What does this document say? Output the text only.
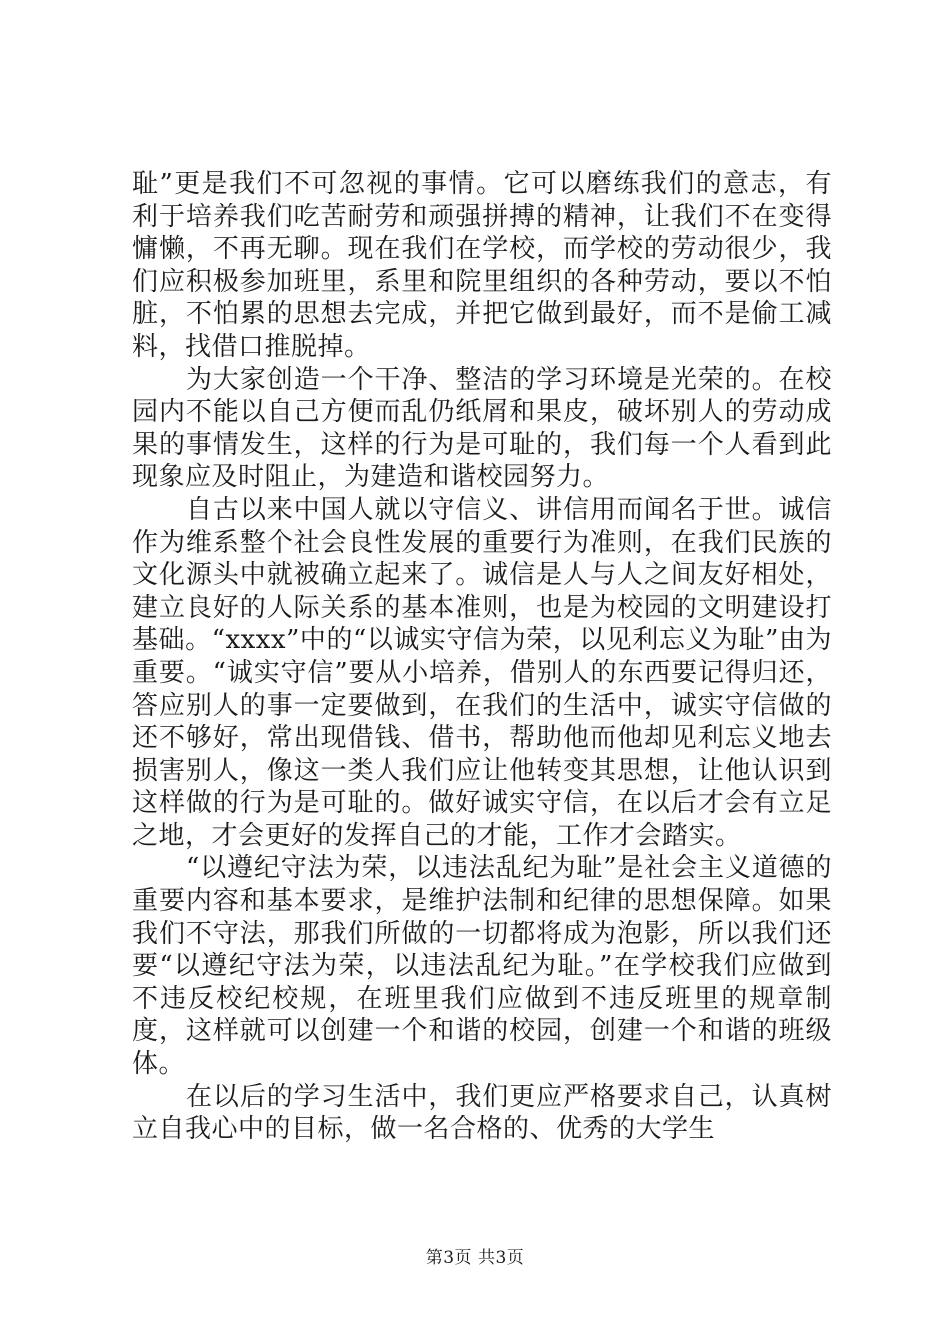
耻”更是我们不可忽视的事情。它可以磨练我们的意志，有利于培养我们吃苦耐劳和顽强拼搏的精神，让我们不在变得慵懒，不再无聊。现在我们在学校，而学校的劳动很少，我们应积极参加班里，系里和院里组织的各种劳动，要以不怕脏，不怕累的思想去完成，并把它做到最好，而不是偷工减料，找借口推脱掉。

为大家创造一个干净、整洁的学习环境是光荣的。在校园内不能以自己方便而乱仍纸屑和果皮，破坏别人的劳动成果的事情发生，这样的行为是可耻的，我们每一个人看到此现象应及时阻止，为建造和谐校园努力。

自古以来中国人就以守信义、讲信用而闻名于世。诚信作为维系整个社会良性发展的重要行为准则，在我们民族的文化源头中就被确立起来了。诚信是人与人之间友好相处，建立良好的人际关系的基本准则，也是为校园的文明建设打基础。“xxxx”中的“以诚实守信为荣，以见利忘义为耻”由为重要。“诚实守信”要从小培养，借别人的东西要记得归还，答应别人的事一定要做到，在我们的生活中，诚实守信做的还不够好，常出现借钱、借书，帮助他而他却见利忘义地去损害别人，像这一类人我们应让他转变其思想，让他认识到这样做的行为是可耻的。做好诚实守信，在以后才会有立足之地，才会更好的发挥自己的才能，工作才会踏实。

“以遵纪守法为荣，以违法乱纪为耻”是社会主义道德的重要内容和基本要求，是维护法制和纪律的思想保障。如果我们不守法，那我们所做的一切都将成为泡影，所以我们还要“以遵纪守法为荣，以违法乱纪为耻。”在学校我们应做到不违反校纪校规，在班里我们应做到不违反班里的规章制度，这样就可以创建一个和谐的校园，创建一个和谐的班级体。

在以后的学习生活中，我们更应严格要求自己，认真树立自我心中的目标，做一名合格的、优秀的大学生

第3页 共3页
